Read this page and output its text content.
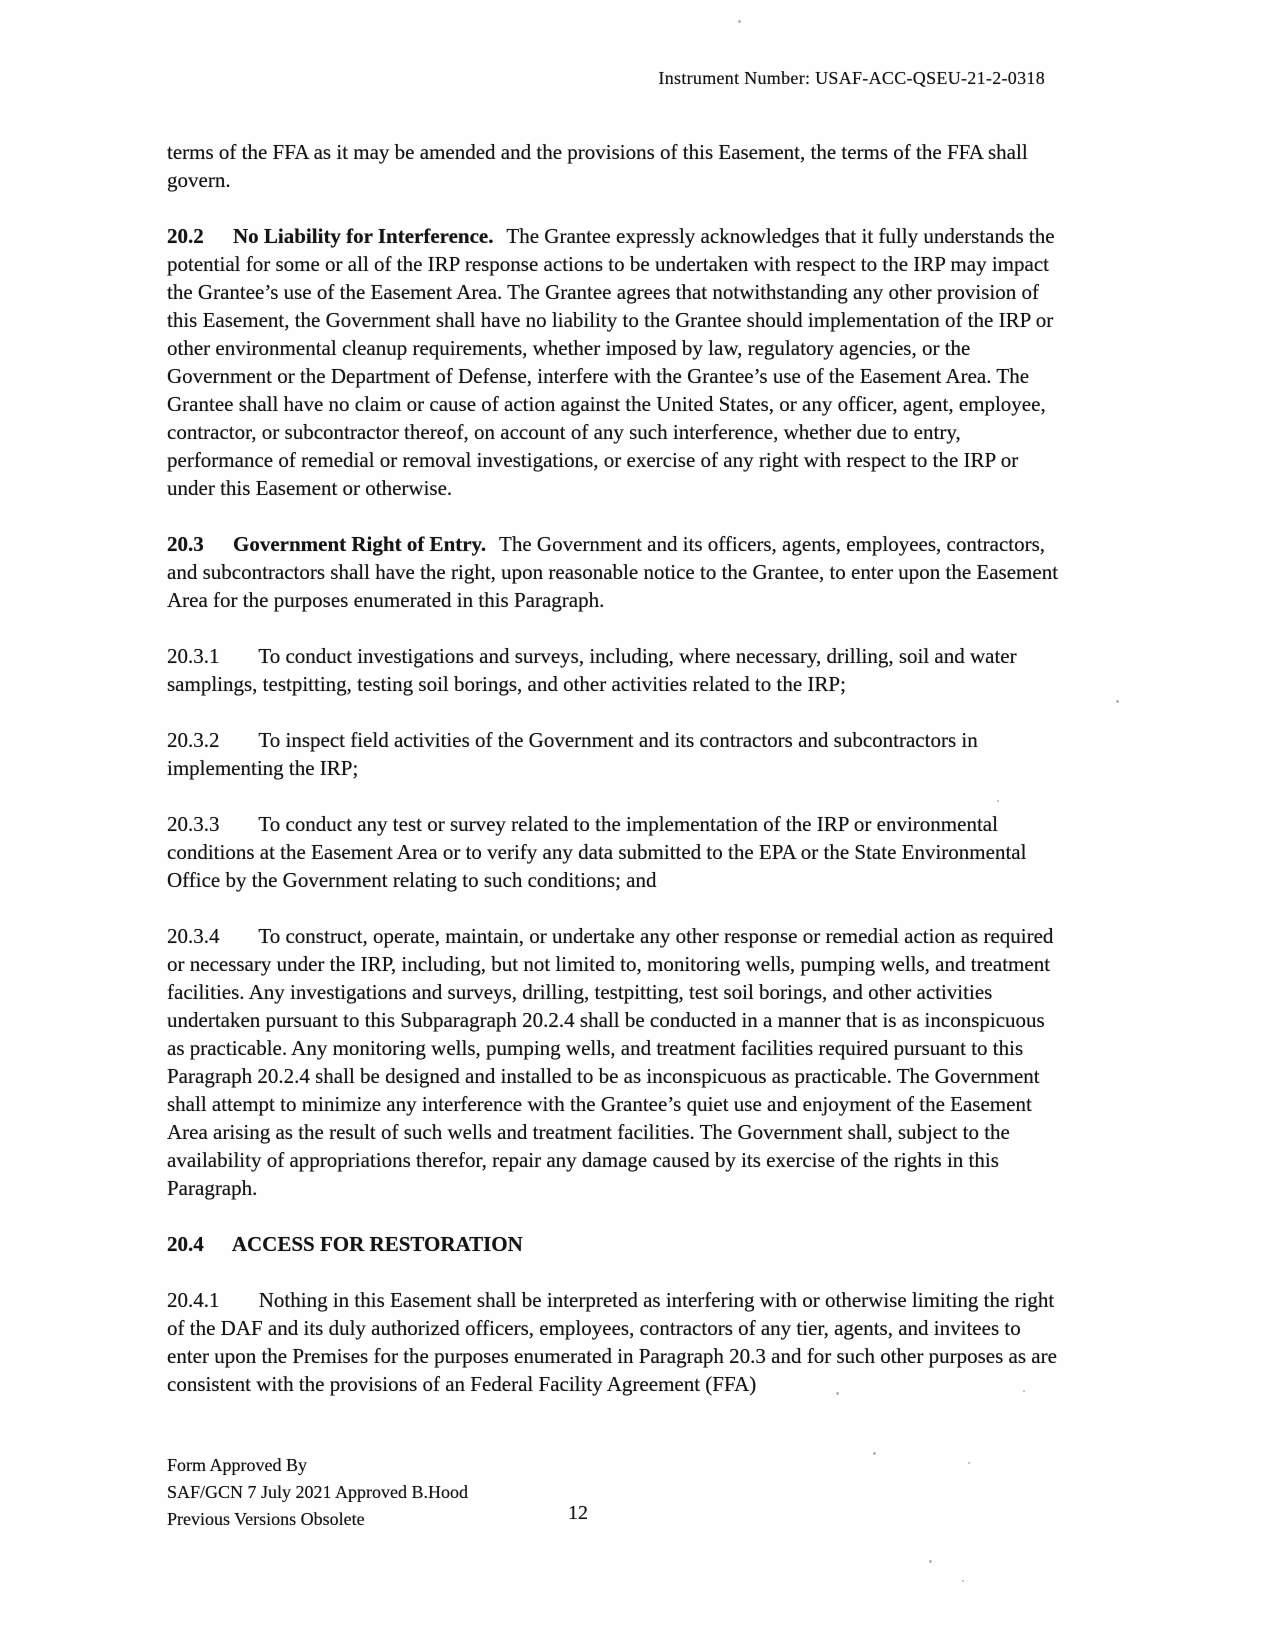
Instrument Number: USAF-ACC-QSEU-21-2-0318

terms of the FFA as it may be amended and the provisions of this Easement, the terms of the FFA shall govern.

20.2 No Liability for Interference. The Grantee expressly acknowledges that it fully understands the potential for some or all of the IRP response actions to be undertaken with respect to the IRP may impact the Grantee’s use of the Easement Area. The Grantee agrees that notwithstanding any other provision of this Easement, the Government shall have no liability to the Grantee should implementation of the IRP or other environmental cleanup requirements, whether imposed by law, regulatory agencies, or the Government or the Department of Defense, interfere with the Grantee’s use of the Easement Area. The Grantee shall have no claim or cause of action against the United States, or any officer, agent, employee, contractor, or subcontractor thereof, on account of any such interference, whether due to entry, performance of remedial or removal investigations, or exercise of any right with respect to the IRP or under this Easement or otherwise.

20.3 Government Right of Entry. The Government and its officers, agents, employees, contractors, and subcontractors shall have the right, upon reasonable notice to the Grantee, to enter upon the Easement Area for the purposes enumerated in this Paragraph.

20.3.1 To conduct investigations and surveys, including, where necessary, drilling, soil and water samplings, testpitting, testing soil borings, and other activities related to the IRP;

20.3.2 To inspect field activities of the Government and its contractors and subcontractors in implementing the IRP;

20.3.3 To conduct any test or survey related to the implementation of the IRP or environmental conditions at the Easement Area or to verify any data submitted to the EPA or the State Environmental Office by the Government relating to such conditions; and

20.3.4 To construct, operate, maintain, or undertake any other response or remedial action as required or necessary under the IRP, including, but not limited to, monitoring wells, pumping wells, and treatment facilities. Any investigations and surveys, drilling, testpitting, test soil borings, and other activities undertaken pursuant to this Subparagraph 20.2.4 shall be conducted in a manner that is as inconspicuous as practicable. Any monitoring wells, pumping wells, and treatment facilities required pursuant to this Paragraph 20.2.4 shall be designed and installed to be as inconspicuous as practicable. The Government shall attempt to minimize any interference with the Grantee’s quiet use and enjoyment of the Easement Area arising as the result of such wells and treatment facilities. The Government shall, subject to the availability of appropriations therefor, repair any damage caused by its exercise of the rights in this Paragraph.

20.4 ACCESS FOR RESTORATION

20.4.1 Nothing in this Easement shall be interpreted as interfering with or otherwise limiting the right of the DAF and its duly authorized officers, employees, contractors of any tier, agents, and invitees to enter upon the Premises for the purposes enumerated in Paragraph 20.3 and for such other purposes as are consistent with the provisions of an Federal Facility Agreement (FFA)

Form Approved By
SAF/GCN 7 July 2021 Approved B.Hood
Previous Versions Obsolete	12
